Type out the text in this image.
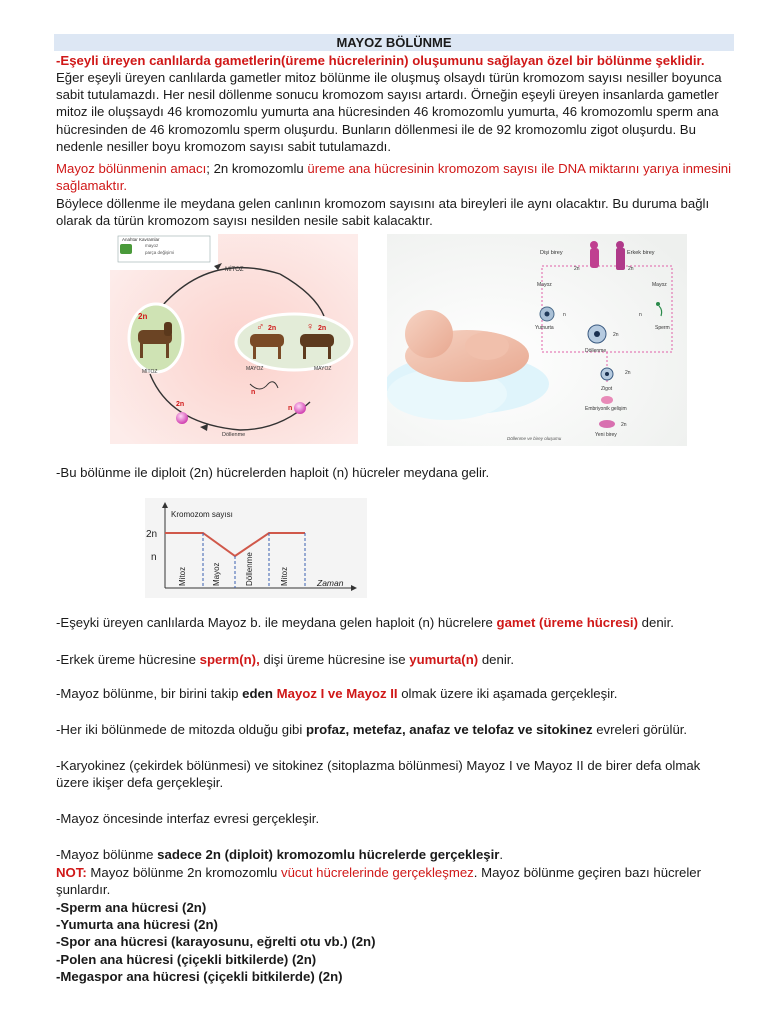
MAYOZ BÖLÜNME

-Eşeyli üreyen canlılarda gametlerin(üreme hücrelerinin) oluşumunu sağlayan özel bir bölünme şeklidir.

Eğer eşeyli üreyen canlılarda gametler mitoz bölünme ile oluşmuş olsaydı türün kromozom sayısı nesiller boyunca sabit tutulamazdı. Her nesil döllenme sonucu kromozom sayısı artardı. Örneğin eşeyli üreyen insanlarda gametler mitoz ile oluşsaydı 46 kromozomlu yumurta ana hücresinden 46 kromozomlu yumurta, 46 kromozomlu sperm ana hücresinden de 46 kromozomlu sperm oluşurdu. Bunların döllenmesi ile de 92 kromozomlu zigot oluşurdu. Bu nedenle nesiller boyu kromozom sayısı sabit tutulamazdı.

Mayoz bölünmenin amacı; 2n kromozomlu üreme ana hücresinin kromozom sayısı ile DNA miktarını yarıya inmesini sağlamaktır.

Böylece döllenme ile meydana gelen canlının kromozom sayısını ata bireyleri ile aynı olacaktır. Bu duruma bağlı olarak da türün kromozom sayısı nesilden nesile sabit kalacaktır.

Anahtar Kavramlar
mayoz
parça değişimi
MİTOZ
2n
MİTOZ
♂ 2n	♀ 2n
MAYOZ	MAYOZ
n
n
2n
Döllenme
Dişi birey	Erkek birey
2n	2n
Mayoz	Mayoz
n
Yumurta
n
Sperm
2n
Döllenme
2n
Zigot
Embriyonik gelişim
2n
Yeni birey
Döllenme ve birey oluşumu

-Bu bölünme ile diploit (2n) hücrelerden haploit (n) hücreler meydana gelir.

Kromozom sayısı
2n
n
Zaman
Mitoz	Mayoz	Döllenme	Mitoz

-Eşeyki üreyen canlılarda Mayoz b. ile meydana gelen haploit (n) hücrelere gamet (üreme hücresi) denir.

-Erkek üreme hücresine sperm(n), dişi üreme hücresine ise yumurta(n) denir.

-Mayoz bölünme, bir birini takip eden Mayoz I ve Mayoz II olmak üzere iki aşamada gerçekleşir.

-Her iki bölünmede de mitozda olduğu gibi profaz, metefaz, anafaz ve telofaz ve sitokinez evreleri görülür.

-Karyokinez (çekirdek bölünmesi) ve sitokinez (sitoplazma bölünmesi) Mayoz I ve Mayoz II de birer defa olmak üzere ikişer defa gerçekleşir.

-Mayoz öncesinde interfaz evresi gerçekleşir.

-Mayoz bölünme sadece 2n (diploit) kromozomlu hücrelerde gerçekleşir.

NOT: Mayoz bölünme 2n kromozomlu vücut hücrelerinde gerçekleşmez. Mayoz bölünme geçiren bazı hücreler şunlardır.

-Sperm ana hücresi (2n)
-Yumurta ana hücresi (2n)
-Spor ana hücresi (karayosunu, eğrelti otu vb.) (2n)
-Polen ana hücresi (çiçekli bitkilerde) (2n)
-Megaspor ana hücresi (çiçekli bitkilerde) (2n)
